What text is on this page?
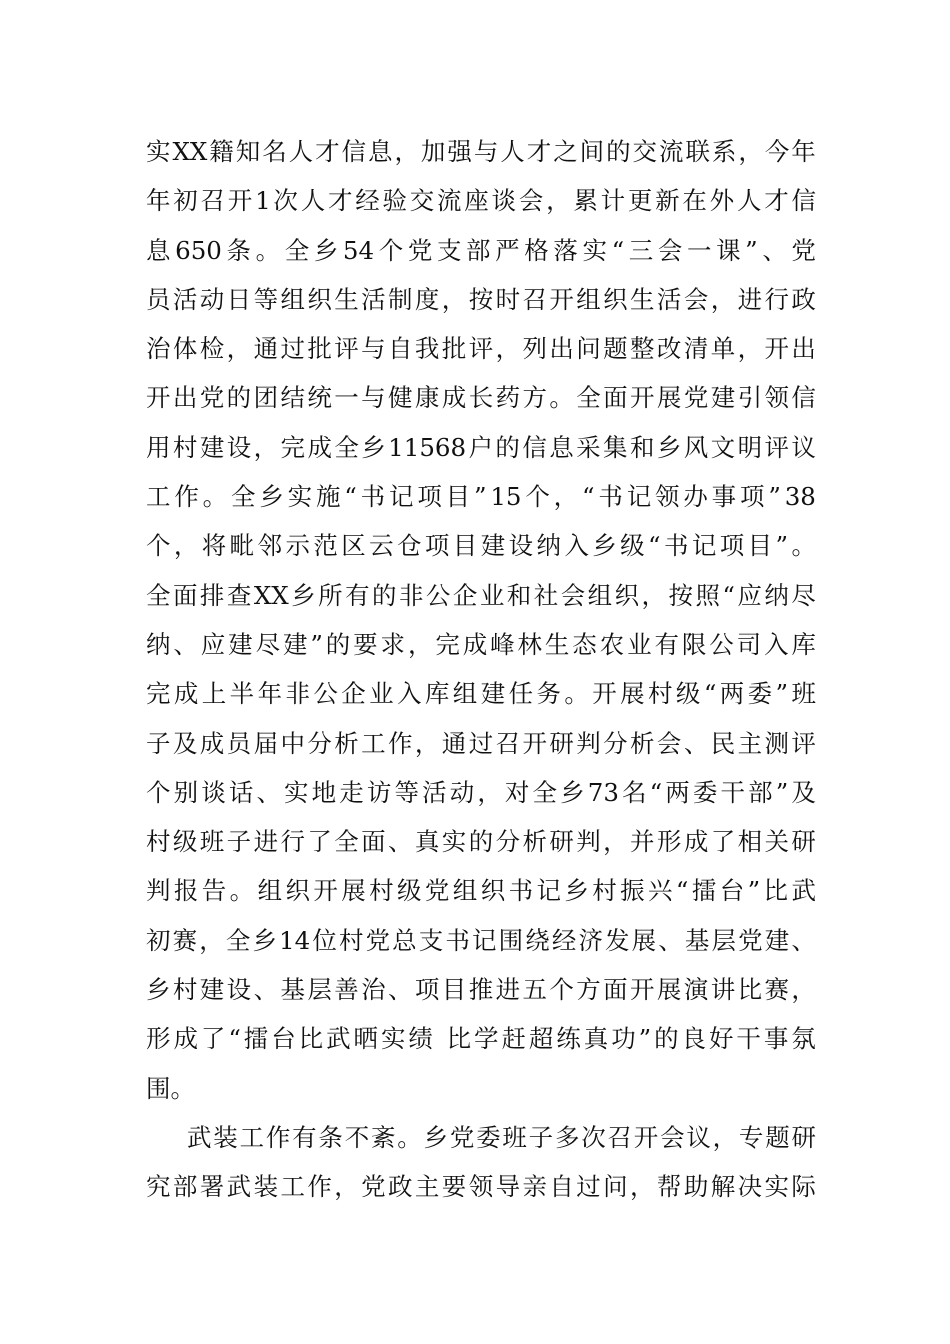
实 XX 籍 知 名 人 才 信 息 ， 加 强 与 人 才 之 间 的 交 流 联 系 ， 今 年
年 初 召 开 1 次 人 才 经 验 交 流 座 谈 会 ， 累 计 更 新 在 外 人 才 信
息 650 条 。 全 乡 54 个 党 支 部 严 格 落 实 “ 三 会 一 课 ” 、 党
员 活 动 日 等 组 织 生 活 制 度 ， 按 时 召 开 组 织 生 活 会 ， 进 行 政
治 体 检 ， 通 过 批 评 与 自 我 批 评 ， 列 出 问 题 整 改 清 单 ， 开 出
开 出 党 的 团 结 统 一 与 健 康 成 长 药 方 。 全 面 开 展 党 建 引 领 信
用 村 建 设 ， 完 成 全 乡 11568 户 的 信 息 采 集 和 乡 风 文 明 评 议
工 作 。 全 乡 实 施 “ 书 记 项 目 ” 15 个 ， “ 书 记 领 办 事 项 ” 38
个 ， 将 毗 邻 示 范 区 云 仓 项 目 建 设 纳 入 乡 级 “ 书 记 项 目 ” 。
全 面 排 查 XX 乡 所 有 的 非 公 企 业 和 社 会 组 织 ， 按 照 “ 应 纳 尽
纳 、 应 建 尽 建 ” 的 要 求 ， 完 成 峰 林 生 态 农 业 有 限 公 司 入 库
完 成 上 半 年 非 公 企 业 入 库 组 建 任 务 。 开 展 村 级 “ 两 委 ” 班
子 及 成 员 届 中 分 析 工 作 ， 通 过 召 开 研 判 分 析 会 、 民 主 测 评
个 别 谈 话 、 实 地 走 访 等 活 动 ， 对 全 乡 73 名 “ 两 委 干 部 ” 及
村 级 班 子 进 行 了 全 面 、 真 实 的 分 析 研 判 ， 并 形 成 了 相 关 研
判 报 告 。 组 织 开 展 村 级 党 组 织 书 记 乡 村 振 兴 “ 擂 台 ” 比 武
初 赛 ， 全 乡 14 位 村 党 总 支 书 记 围 绕 经 济 发 展 、 基 层 党 建 、
乡 村 建 设 、 基 层 善 治 、 项 目 推 进 五 个 方 面 开 展 演 讲 比 赛 ，
形 成 了 “ 擂 台 比 武 晒 实 绩
比 学 赶 超 练 真 功 ” 的 良 好 干 事 氛
围。
武 装 工 作 有 条 不 紊 。 乡 党 委 班 子 多 次 召 开 会 议 ， 专 题 研
究 部 署 武 装 工 作 ， 党 政 主 要 领 导 亲 自 过 问 ， 帮 助 解 决 实 际
